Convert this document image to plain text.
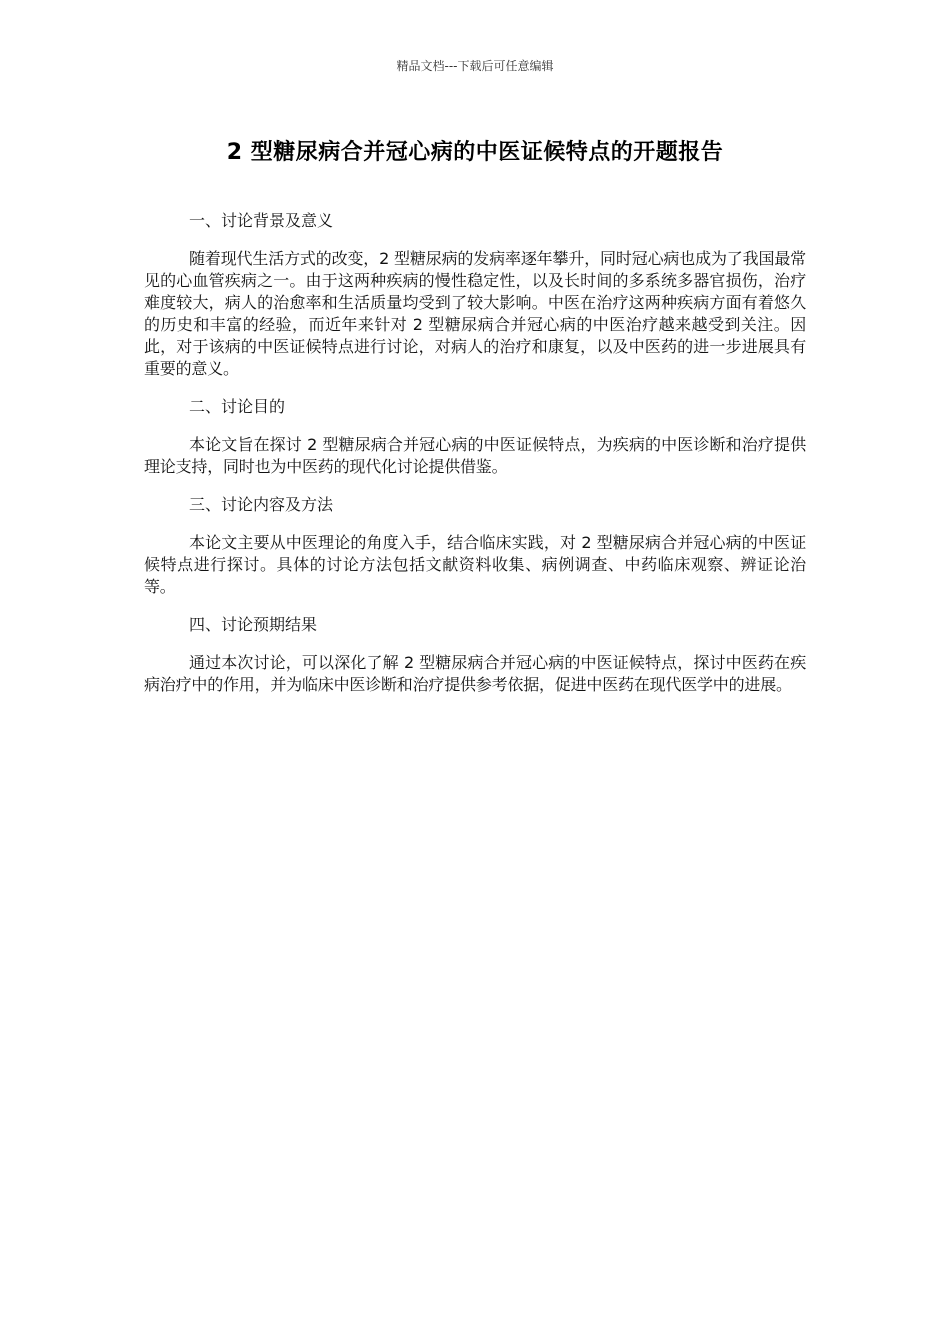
精品文档---下载后可任意编辑
2 型糖尿病合并冠心病的中医证候特点的开题报告
一、讨论背景及意义
随着现代生活方式的改变，2 型糖尿病的发病率逐年攀升，同时冠心病也成为了我国最常见的心血管疾病之一。由于这两种疾病的慢性稳定性，以及长时间的多系统多器官损伤，治疗难度较大，病人的治愈率和生活质量均受到了较大影响。中医在治疗这两种疾病方面有着悠久的历史和丰富的经验，而近年来针对 2 型糖尿病合并冠心病的中医治疗越来越受到关注。因此，对于该病的中医证候特点进行讨论，对病人的治疗和康复，以及中医药的进一步进展具有重要的意义。
二、讨论目的
本论文旨在探讨 2 型糖尿病合并冠心病的中医证候特点，为疾病的中医诊断和治疗提供理论支持，同时也为中医药的现代化讨论提供借鉴。
三、讨论内容及方法
本论文主要从中医理论的角度入手，结合临床实践，对 2 型糖尿病合并冠心病的中医证候特点进行探讨。具体的讨论方法包括文献资料收集、病例调查、中药临床观察、辨证论治等。
四、讨论预期结果
通过本次讨论，可以深化了解 2 型糖尿病合并冠心病的中医证候特点，探讨中医药在疾病治疗中的作用，并为临床中医诊断和治疗提供参考依据，促进中医药在现代医学中的进展。
